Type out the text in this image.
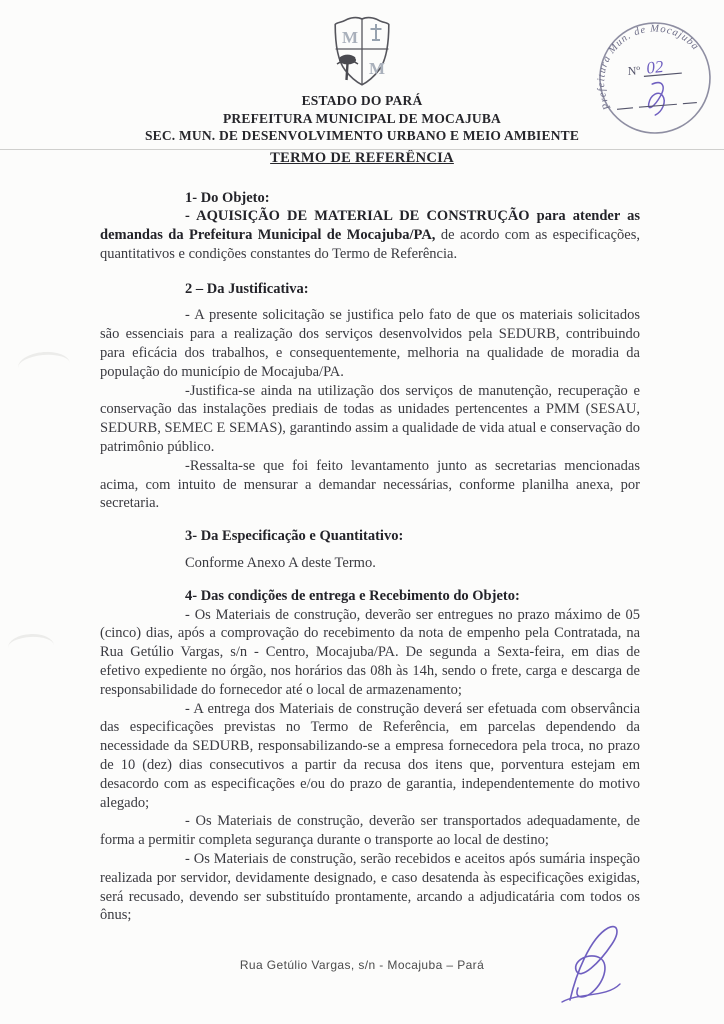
M
M
ESTADO DO PARÁ
PREFEITURA MUNICIPAL DE MOCAJUBA
SEC. MUN. DE DESENVOLVIMENTO URBANO E MEIO AMBIENTE
TERMO DE REFERÊNCIA

1- Do Objeto:

- AQUISIÇÃO DE MATERIAL DE CONSTRUÇÃO para atender as demandas da Prefeitura Municipal de Mocajuba/PA, de acordo com as especificações, quantitativos e condições constantes do Termo de Referência.

2 – Da Justificativa:

- A presente solicitação se justifica pelo fato de que os materiais solicitados são essenciais para a realização dos serviços desenvolvidos pela SEDURB, contribuindo para eficácia dos trabalhos, e consequentemente, melhoria na qualidade de moradia da população do município de Mocajuba/PA.

-Justifica-se ainda na utilização dos serviços de manutenção, recuperação e conservação das instalações prediais de todas as unidades pertencentes a PMM (SESAU, SEDURB, SEMEC E SEMAS), garantindo assim a qualidade de vida atual e conservação do patrimônio público.

-Ressalta-se que foi feito levantamento junto as secretarias mencionadas acima, com intuito de mensurar a demandar necessárias, conforme planilha anexa, por secretaria.

3- Da Especificação e Quantitativo:

Conforme Anexo A deste Termo.

4- Das condições de entrega e Recebimento do Objeto:

- Os Materiais de construção, deverão ser entregues no prazo máximo de 05 (cinco) dias, após a comprovação do recebimento da nota de empenho pela Contratada, na Rua Getúlio Vargas, s/n - Centro, Mocajuba/PA. De segunda a Sexta-feira, em dias de efetivo expediente no órgão, nos horários das 08h às 14h, sendo o frete, carga e descarga de responsabilidade do fornecedor até o local de armazenamento;

- A entrega dos Materiais de construção deverá ser efetuada com observância das especificações previstas no Termo de Referência, em parcelas dependendo da necessidade da SEDURB, responsabilizando-se a empresa fornecedora pela troca, no prazo de 10 (dez) dias consecutivos a partir da recusa dos itens que, porventura estejam em desacordo com as especificações e/ou do prazo de garantia, independentemente do motivo alegado;

- Os Materiais de construção, deverão ser transportados adequadamente, de forma a permitir completa segurança durante o transporte ao local de destino;

- Os Materiais de construção, serão recebidos e aceitos após sumária inspeção realizada por servidor, devidamente designado, e caso desatenda às especificações exigidas, será recusado, devendo ser substituído prontamente, arcando a adjudicatária com todos os ônus;

Prefeitura Mun. de Mocajuba
Nº 02
Rua Getúlio Vargas, s/n - Mocajuba – Pará
